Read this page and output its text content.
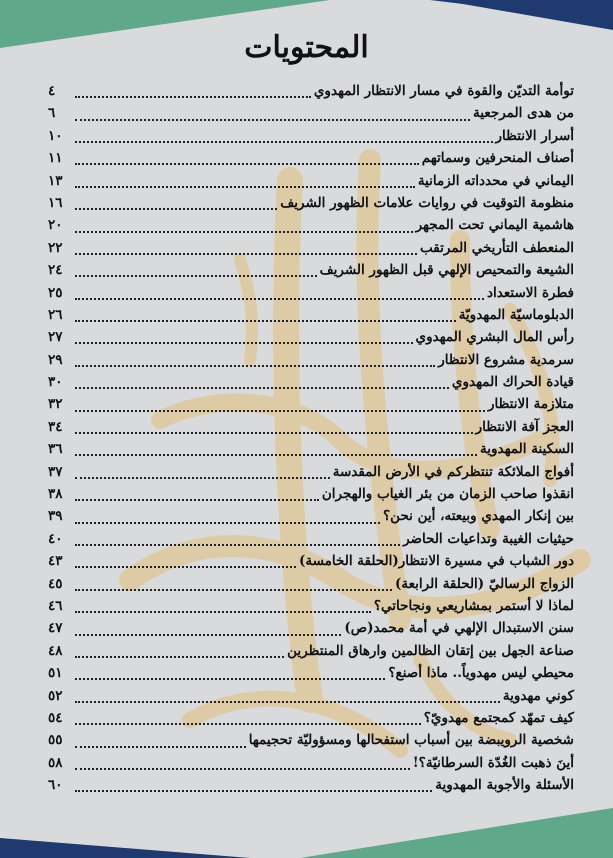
المحتويات
توأمة التديّن والقوة في مسار الانتظار المهدوي
٤
من هدى المرجعية
٦
أسرار الانتظار
١٠
أصناف المنحرفين وسماتهم
١١
اليماني في محدداته الزمانية
١٣
منظومة التوقيت في روايات علامات الظهور الشريف
١٦
هاشمية اليماني تحت المجهر
٢٠
المنعطف التأريخي المرتقب
٢٢
الشيعة والتمحيص الإلهي قبل الظهور الشريف
٢٤
فطرة الاستعداد
٢٥
الدبلوماسيّة المهدويّة
٢٦
رأس المال البشري المهدوي
٢٧
سرمدية مشروع الانتظار
٢٩
قيادة الحراك المهدوي
٣٠
متلازمة الانتظار
٣٢
العجز آفة الانتظار
٣٤
السكينة المهدوية
٣٦
أفواج الملائكة تنتظركم في الأرض المقدسة
٣٧
انقذوا صاحب الزمان من بئر الغياب والهجران
٣٨
بين إنكار المهدي وبيعته، أين نحن؟
٣٩
حيثيات الغيبة وتداعيات الحاضر
٤٠
دور الشباب في مسيرة الانتظار(الحلقة الخامسة)
٤٣
الزواج الرساليّ (الحلقة الرابعة)
٤٥
لماذا لا أستمر بمشاريعي ونجاحاتي؟
٤٦
سنن الاستبدال الإلهي في أمة محمد(ص)
٤٧
صناعة الجهل بين إتقان الظالمين وارهاق المنتظرين
٤٨
محيطي ليس مهدوياً.. ماذا أصنع؟
٥١
كوني مهدوية
٥٢
كيف تمهّد كمجتمع مهدويّ؟
٥٤
شخصية الرويبضة بين أسباب استفحالها ومسؤوليّة تحجيمها
٥٥
أينَ ذهبت الغُدّة السرطانيّة؟!
٥٨
الأسئلة والأجوبة المهدوية
٦٠
